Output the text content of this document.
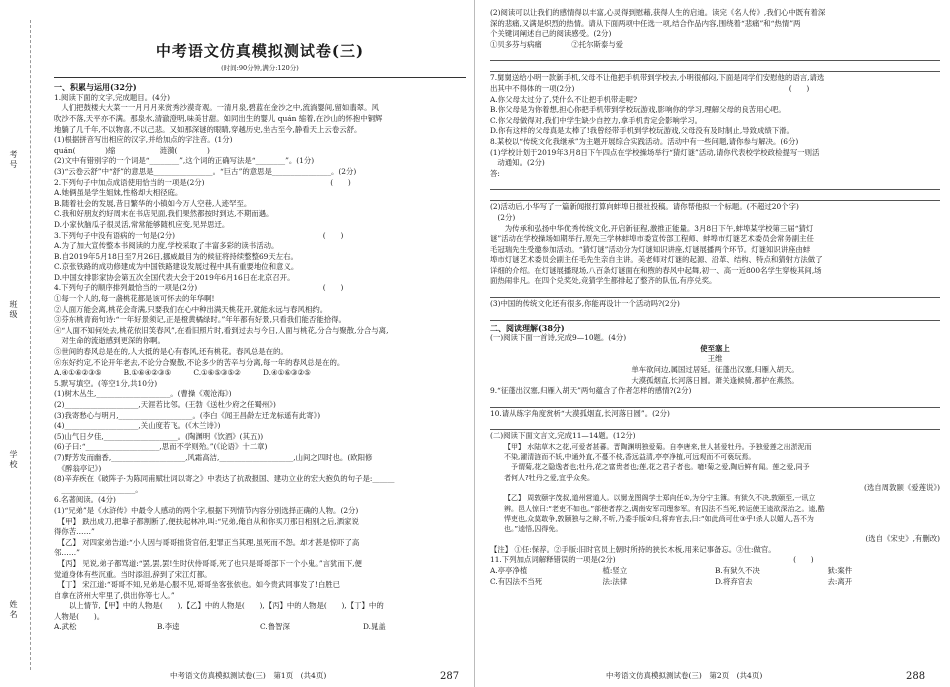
考号
班级
学校
姓名
中考语文仿真模拟测试卷(三)
(时间:90分钟,满分:120分)
一、积累与运用(32分)
1.阅读下面的文字,完成题目。(4分)
　人们把鼓楼大大菜一一月月月来赏秀沙漠奇观。一清月泉,碧蓝在金沙之中,流淌婴间,留如翡翠。风
吹沙不落,天平亦不满。那泉水,清澈澄明,味美甘甜。如同出生的婴儿 quán 缩着,在沙山的怀抱中铜辉
地躺了几千年,不以物喜,不以己悲。又如那深谜的眼睛,穿越历史,坐古至今,静看天上云卷云舒。
(1)根据拼音写出相应的汉字,并给加点的字注音。(1分)
quán(　　　　)缩　　　　　　涟漪(　　　　)
(2)文中有错别字的一个词是“________”,这个词的正确写法是“________”。(1分)
(3)“云卷云舒”中“舒”的意思是________________。“巨古”的意思是________________。(2分)
2.下列句子中加点成语使用恰当的一项是(2分)　　　　　　　　　　　　　　　　　(　　)
A.她俩虽是学生姐妹,性格却大相径庭。
B.随着社会的发展,昔日繁华的小镇如今万人空巷,人迹罕至。
C.我和好朋友约好周末在书店见面,我们果然都按时到达,不期而遇。
D.小家伙脑瓜子很灵活,常常能够随机应变,见异思迁。
3.下列句子中没有语病的一句是(2分)　　　　　　　　　　　　　　　　　　　　(　　)
A.为了加大宣传整本书阅读的力度,学校采取了丰富多彩的读书活动。
B.自2019年5月18日至7月26日,挪威最目为的候征将持续整整69天左右。
C.京张铁路的成功修建成为中国铁路建设发展过程中具有重要地位和意义。
D.中国女排影家协会第五次全国代表大会于2019年6月16日在北京召开。
4.下列句子的顺序排列最恰当的一项是(2分)　　　　　　　　　　　　　　　　　(　　)
①每一个人的,每一盏桃花都是该可怀去的年华啊!
②人面万能会离,桃花会奇满,只要我们在心中种出满天桃花开,就能永远与春风相约。
③芬东桃青商句诗:“一年好景须记,正是橙黄橘绿时。”年年都有好景,只看我们能否能拾得。
④“人面不知何处去,桃花依旧笑春风”,在看旧照片时,看到过去与今日,人面与桃花,分合与聚散,分合与离,
　对生命的流逝感到更深的你啊。
⑤世间的春风总是在的,人大抵的是心有春风,还有桃花。春风总是在的。
⑥东好约定,不论开年老去,不论分合聚散,不论多少的苦辛与分离,每一年的春风总是在的。
A.④①⑥②③⑤　　　B.①⑥④②③⑤　　　C.①⑥⑤③⑤②　　　D.④①⑥③②⑤
5.默写填空。(等空1分,共10分)
(1)树木丛生,____________________。(曹操《观沧海》)
(2)____________________,天涯若比邻。(王勃《送杜少府之任蜀州》)
(3)我寄愁心与明月,____________________。(李白《闻王昌龄左迁龙标遥有此寄》)
(4)____________________,关山度若飞。(《木兰诗》)
(5)山气日夕佳,____________________。(陶渊明《饮酒》(其五))
(6)子曰:“____________________,思而不学则殆。”(《论语》十二章)
(7)野芳发而幽香,____________________,风霜高洁,____________________,山间之四时也。(欧阳修
　《醉翁亭记》)
(8)辛弃疾在《破阵子·为陈同甫赋壮词以寄之》中表达了抗敌报国、建功立业的宏大抱负的句子是:______
　____________________。
6.名著阅读。(4分)
(1)“兄弟”是《水浒传》中最令人感动的两个字,根据下列情节内容分别选择正确的人物。(2分)
　【甲】 跌出成刀,把靠子都割断了,便扶起林冲,叫:“兄弟,俺自从和你买刀那日相别之后,洒家说
得你苦……”
　【乙】 对四家弟告道:“小人因与哥哥拙货官佰,犯罪正当其理,虽死而不怨。却才甚是惊吓了高
邻……”
　【丙】 见说,弟子都骂道:“罢,罢,罢!生时伏侍哥哥,死了也只是哥哥部下一个小鬼。”言犹而下,便
觉道身体有些沉重。当时添泪,辞到了宋江灯都。
　【丁】 宋江道:“哥哥不知,兄弟是心服不见,哥哥坐客张依也。如今贵武同事发了!白胜已
自拿在济州大牢里了,供出你等七人。”
　　以上情节,【甲】中的人物是(　　),【乙】中的人物是(　　),【丙】中的人物是(　　),【丁】中的
人物是(　　)。
A.武松	B.李逵	C.鲁智深	D.晁盖
中考语文仿真模拟测试卷(三)　第1页　(共4页)	287
(2)阅读可以让我们的感情得以丰富,心灵得到慰藉,获得人生的启迪。读完《名人传》,我们心中既有着深
深的悲痛,又满是炽烈的热情。请从下面两项中任选一项,结合作品内容,围绕着“悲痛”和“热情”两
个关键词阐述自己的阅读感受。(2分)
①贝多芬与病痛　　　　②托尔斯泰与爱
7.舅舅送给小明一款新手机,父母不让他把手机带到学校去,小明很郁闷,下面是同学们安慰他的语言,请选
出其中不得体的一项(2分)　　　　　　　　　　　　　　　　　　　　　　　　　　　　　(　　)
A.你父母太过分了,凭什么不让把手机带走呢?
B.你父母是为你着想,担心你把手机带到学校玩游戏,影响你的学习,理解父母的良苦用心吧。
C.你父母做得对,我们中学生缺少自控力,拿手机肯定会影响学习。
D.你有这样的父母真是太棒了!我曾经带手机到学校玩游戏,父母没有及时制止,导致成绩下滑。
8.某校以“传统文化我继承”为主题开展综合实践活动。活动中有一些问题,请你参与解决。(6分)
(1)学校计划于2019年3月8日下午四点在学校操场举行“猜灯谜”活动,请你代表校学校政检提写一则活
　动通知。(2分)
答:
(2)活动后,小华写了一篇新闻报打算向蚌埠日报社投稿。请你帮他拟一个标题。(不超过20个字)
　(2分)
　　为传承和弘扬中华优秀传统文化,开启新征程,激推正能量。3月8日下午,蚌埠某学校第三届“猜灯
谜”活动在学校操场如期举行,原先三学林蚌埠市委宣传部工程师、蚌埠市灯谜艺术委员会常务副主任
毛冠瑞先生受邀参加活动。“猜灯谜”活动分为灯谜知识讲座,灯谜展播两个环节。灯谜知识讲座由蚌
埠市灯谜艺术委员会副主任毛先生亲自主讲。美老师对灯谜的起源、沿革、结构、特点和猜射方法做了
详细的介绍。在灯谜展播现场,八百条灯谜面在和煦的春风中起舞,初一、高一近800名学生穿梭其间,场
面热闹非凡。在四个兑奖处,竞猜学生都排起了整齐的队伍,有序兑奖。
(3)中国的传统文化还有很多,你能再设计一个活动吗?(2分)
二、阅读理解(38分)
(一)阅读下面一首诗,完成9—10题。(4分)
使至塞上
王维
单车欲问边,属国过居延。征蓬出汉塞,归雁入胡天。
大漠孤烟直,长河落日圆。萧关逢候骑,都护在燕然。
9.“征蓬出汉塞,归雁入胡天”两句蕴含了作者怎样的感情?(2分)
10.请从练字角度赏析“大漠孤烟直,长河落日圆”。(2分)
(二)阅读下面文言文,完成11—14题。(12分)
【甲】 水陆草木之花,可爱者甚蕃。晋陶渊明独爱菊。自李唐来,世人甚爱牡丹。予独爱莲之出淤泥而
不染,濯清涟而不妖,中通外直,不蔓不枝,香远益清,亭亭净植,可远观而不可亵玩焉。
　予谓菊,花之隐逸者也;牡丹,花之富贵者也;莲,花之君子者也。噫!菊之爱,陶后鲜有闻。莲之爱,同予
者何人?牡丹之爱,宜乎众矣。
(选自周敦颐《爱莲说》)
【乙】 周敦颐字茂叔,道州营道人。以舅龙图阁学士郑向任①,为分宁主簿。有狱久不决,敦颐至,一讯立
辨。邑人惊曰:“老吏不如也。”部使者荐之,调南安军司理参军。有囚法不当死,转运使王逵欲深治之。逵,酷
悍吏也,众莫敢争,敦颐独与之辩,不听,乃委手版②归,将弃官去,曰:“如此尚可仕③乎!杀人以媚人,吾不为
也。”逵悟,囚得免。
(选自《宋史》,有删改)
【注】 ①任:保荐。②手版:旧时官员上朝时所持的狭长木板,用来记事备忘。③仕:做官。
11.下列加点词解释错误的一项是(2分)　　　　　　　　　　　　　　　　　　　　　　　　(　　)
A.亭亭净植	植:竖立	B.有狱久不决	狱:案件
C.有囚法不当死	法:法律	D.将弃官去	去:离开
中考语文仿真模拟测试卷(三)　第2页　(共4页)	288
